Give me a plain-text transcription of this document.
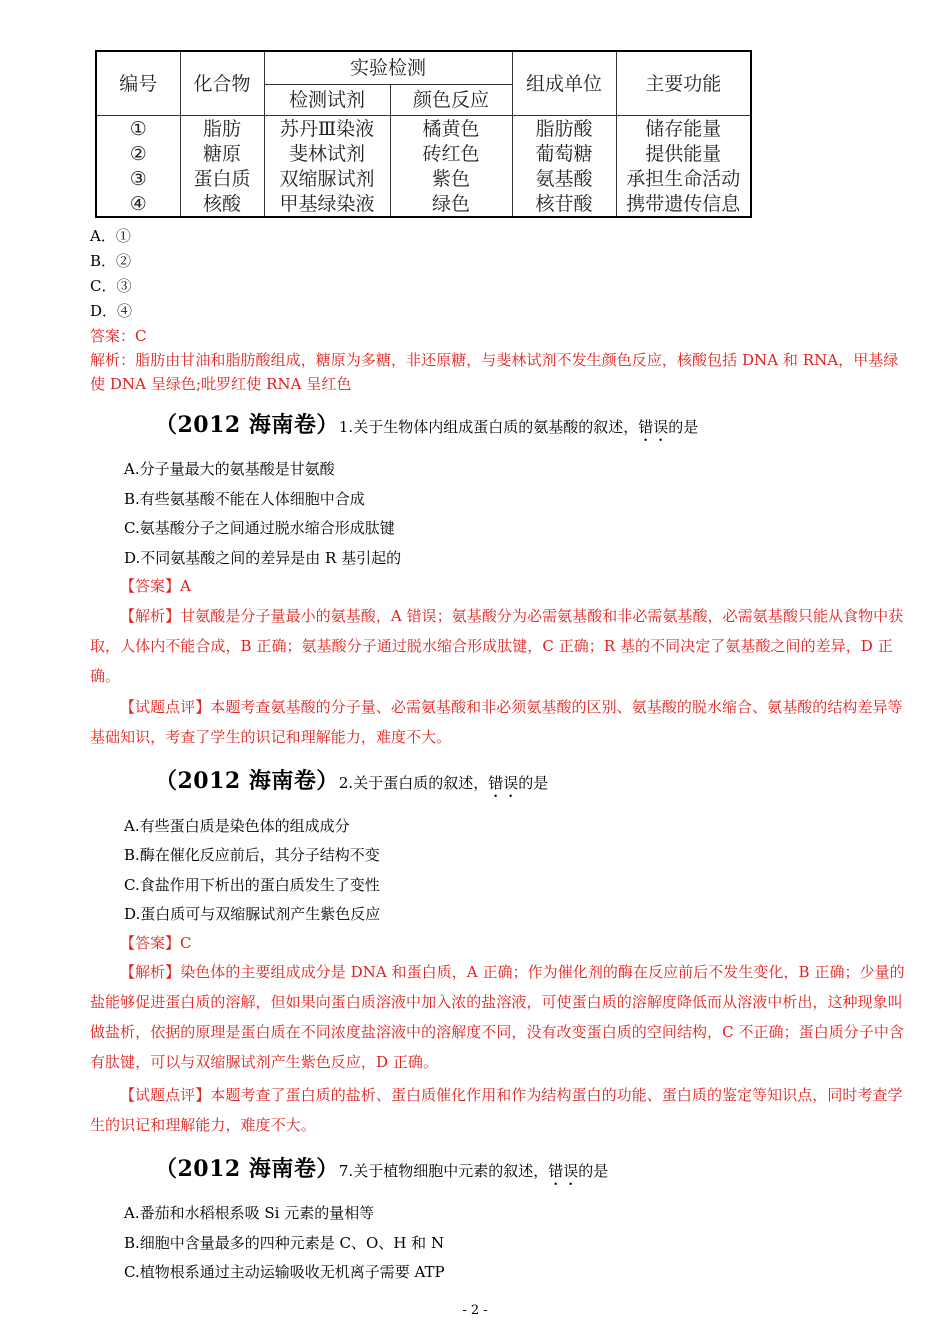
编号	化合物	实验检测		组成单位	主要功能
		检测试剂	颜色反应		
①	脂肪	苏丹Ⅲ染液	橘黄色	脂肪酸	储存能量
②	糖原	斐林试剂	砖红色	葡萄糖	提供能量
③	蛋白质	双缩脲试剂	紫色	氨基酸	承担生命活动
④	核酸	甲基绿染液	绿色	核苷酸	携带遗传信息
A．①
B．②
C．③
D．④
答案：C
解析：脂肪由甘油和脂肪酸组成，糖原为多糖，非还原糖，与斐林试剂不发生颜色反应，核酸包括 DNA 和 RNA，甲基绿使 DNA 呈绿色;吡罗红使 RNA 呈红色
（2012 海南卷）1.关于生物体内组成蛋白质的氨基酸的叙述，错误的是
A.分子量最大的氨基酸是甘氨酸
B.有些氨基酸不能在人体细胞中合成
C.氨基酸分子之间通过脱水缩合形成肽键
D.不同氨基酸之间的差异是由 R 基引起的
【答案】A
【解析】甘氨酸是分子量最小的氨基酸，A 错误；氨基酸分为必需氨基酸和非必需氨基酸，必需氨基酸只能从食物中获取，人体内不能合成，B 正确；氨基酸分子通过脱水缩合形成肽键，C 正确；R 基的不同决定了氨基酸之间的差异，D 正确。
【试题点评】本题考查氨基酸的分子量、必需氨基酸和非必须氨基酸的区别、氨基酸的脱水缩合、氨基酸的结构差异等基础知识，考查了学生的识记和理解能力，难度不大。
（2012 海南卷）2.关于蛋白质的叙述，错误的是
A.有些蛋白质是染色体的组成成分
B.酶在催化反应前后，其分子结构不变
C.食盐作用下析出的蛋白质发生了变性
D.蛋白质可与双缩脲试剂产生紫色反应
【答案】C
【解析】染色体的主要组成成分是 DNA 和蛋白质，A 正确；作为催化剂的酶在反应前后不发生变化，B 正确；少量的盐能够促进蛋白质的溶解，但如果向蛋白质溶液中加入浓的盐溶液，可使蛋白质的溶解度降低而从溶液中析出，这种现象叫做盐析，依据的原理是蛋白质在不同浓度盐溶液中的溶解度不同，没有改变蛋白质的空间结构，C 不正确；蛋白质分子中含有肽键，可以与双缩脲试剂产生紫色反应，D 正确。
【试题点评】本题考查了蛋白质的盐析、蛋白质催化作用和作为结构蛋白的功能、蛋白质的鉴定等知识点，同时考查学生的识记和理解能力，难度不大。
（2012 海南卷）7.关于植物细胞中元素的叙述，错误的是
A.番茄和水稻根系吸 Si 元素的量相等
B.细胞中含量最多的四种元素是 C、O、H 和 N
C.植物根系通过主动运输吸收无机离子需要 ATP
- 2 -
